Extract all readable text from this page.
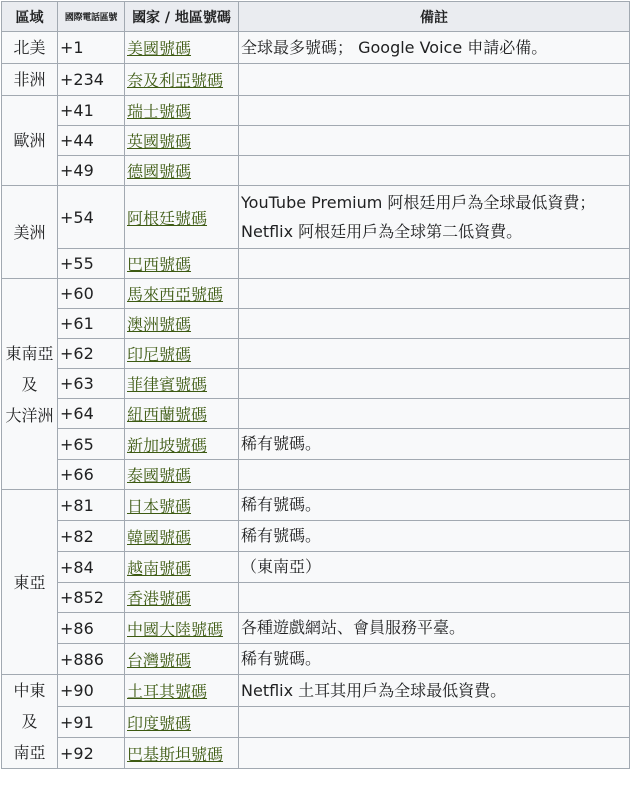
區域	國際電話區號	國家 / 地區號碼	備註

北美	+1	美國號碼	全球最多號碼； Google Voice 申請必備。

非洲	+234	奈及利亞號碼	

歐洲	+41	瑞士號碼	
	+44	英國號碼	
	+49	德國號碼	

美洲	+54	阿根廷號碼	YouTube Premium 阿根廷用戶為全球最低資費；
Netflix 阿根廷用戶為全球第二低資費。

	+55	巴西號碼	

東南亞
及
大洋洲	+60	馬來西亞號碼	
	+61	澳洲號碼	
	+62	印尼號碼	
	+63	菲律賓號碼	
	+64	紐西蘭號碼	
	+65	新加坡號碼	稀有號碼。

	+66	泰國號碼	

東亞	+81	日本號碼	稀有號碼。

	+82	韓國號碼	稀有號碼。

	+84	越南號碼	（東南亞）

	+852	香港號碼	
	+86	中國大陸號碼	各種遊戲網站、會員服務平臺。

	+886	台灣號碼	稀有號碼。

中東
及
南亞	+90	土耳其號碼	Netflix 土耳其用戶為全球最低資費。

	+91	印度號碼	
	+92	巴基斯坦號碼	
